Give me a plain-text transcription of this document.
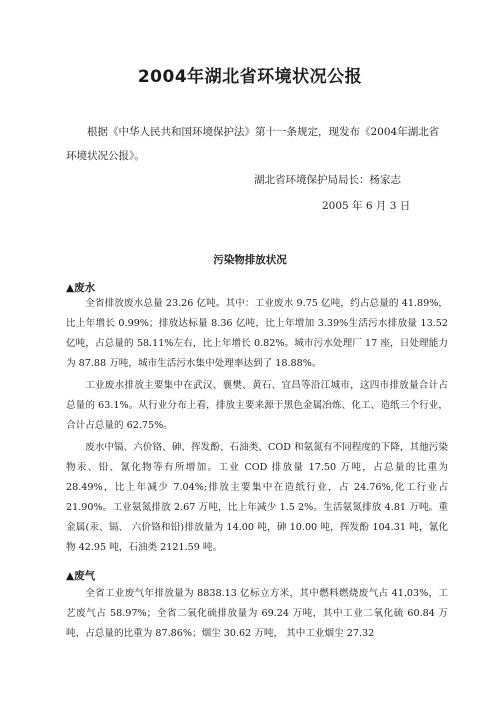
2004年湖北省环境状况公报

根据《中华人民共和国环境保护法》第十一条规定，现发布《2004年湖北省环境状况公报》。

湖北省环境保护局局长：杨家志

2005 年 6 月 3 日

污染物排放状况
▲废水

全省排放废水总量 23.26 亿吨。其中：工业废水 9.75 亿吨，约占总量的 41.89%，比上年增长 0.99%；排放达标量 8.36 亿吨，比上年增加 3.39%生活污水排放量 13.52 亿吨，占总量的 58.11%左右，比上年增长 0.82%。城市污水处理厂 17 座，日处理能力为 87.88 万吨，城市生活污水集中处理率达到了 18.88%。

工业废水排放主要集中在武汉、襄樊、黄石、宜昌等沿江城市，这四市排放量合计占总量的 63.1%。从行业分布上看，排放主要来源于黑色金属冶炼、化工、造纸三个行业，合计占总量的 62.75%。

废水中镉、六价铬、砷、挥发酚、石油类、COD 和氨氮有不同程度的下降，其他污染物汞、铅、氰化物等有所增加。工业 COD 排放量 17.50 万吨，占总量的比重为 28.49%，比上年减少 7.04%;排放主要集中在造纸行业，占 24.76%,化工行业占 21.90%。工业氨氮排放 2.67 万吨，比上年减少 1.5 2%。生活氨氮排放 4.81 万吨。重金属(汞、镉、 六价铬和铅)排放量为 14.00 吨，砷 10.00 吨，挥发酚 104.31 吨，氰化物 42.95 吨，石油类 2121.59 吨。

▲废气

全省工业废气年排放量为 8838.13 亿标立方米，其中燃料燃烧废气占 41.03%，工艺废气占 58.97%；全省二氧化硫排放量为 69.24 万吨，其中工业二氧化硫 60.84 万吨，占总量的比重为 87.86%；烟尘 30.62 万吨， 其中工业烟尘 27.32
